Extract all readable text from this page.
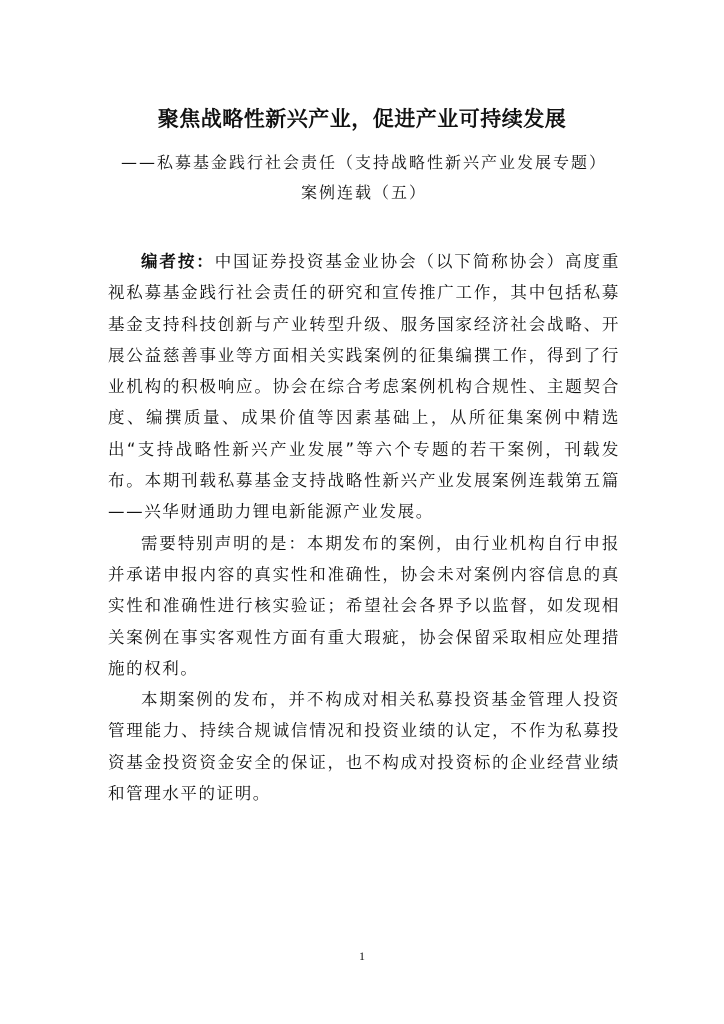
聚焦战略性新兴产业，促进产业可持续发展
——私募基金践行社会责任（支持战略性新兴产业发展专题）
案例连载（五）

编者按：中国证券投资基金业协会（以下简称协会）高度重视私募基金践行社会责任的研究和宣传推广工作，其中包括私募基金支持科技创新与产业转型升级、服务国家经济社会战略、开展公益慈善事业等方面相关实践案例的征集编撰工作，得到了行业机构的积极响应。协会在综合考虑案例机构合规性、主题契合度、编撰质量、成果价值等因素基础上，从所征集案例中精选出“支持战略性新兴产业发展”等六个专题的若干案例，刊载发布。本期刊载私募基金支持战略性新兴产业发展案例连载第五篇——兴华财通助力锂电新能源产业发展。

需要特别声明的是：本期发布的案例，由行业机构自行申报并承诺申报内容的真实性和准确性，协会未对案例内容信息的真实性和准确性进行核实验证；希望社会各界予以监督，如发现相关案例在事实客观性方面有重大瑕疵，协会保留采取相应处理措施的权利。

本期案例的发布，并不构成对相关私募投资基金管理人投资管理能力、持续合规诚信情况和投资业绩的认定，不作为私募投资基金投资资金安全的保证，也不构成对投资标的企业经营业绩和管理水平的证明。

1
